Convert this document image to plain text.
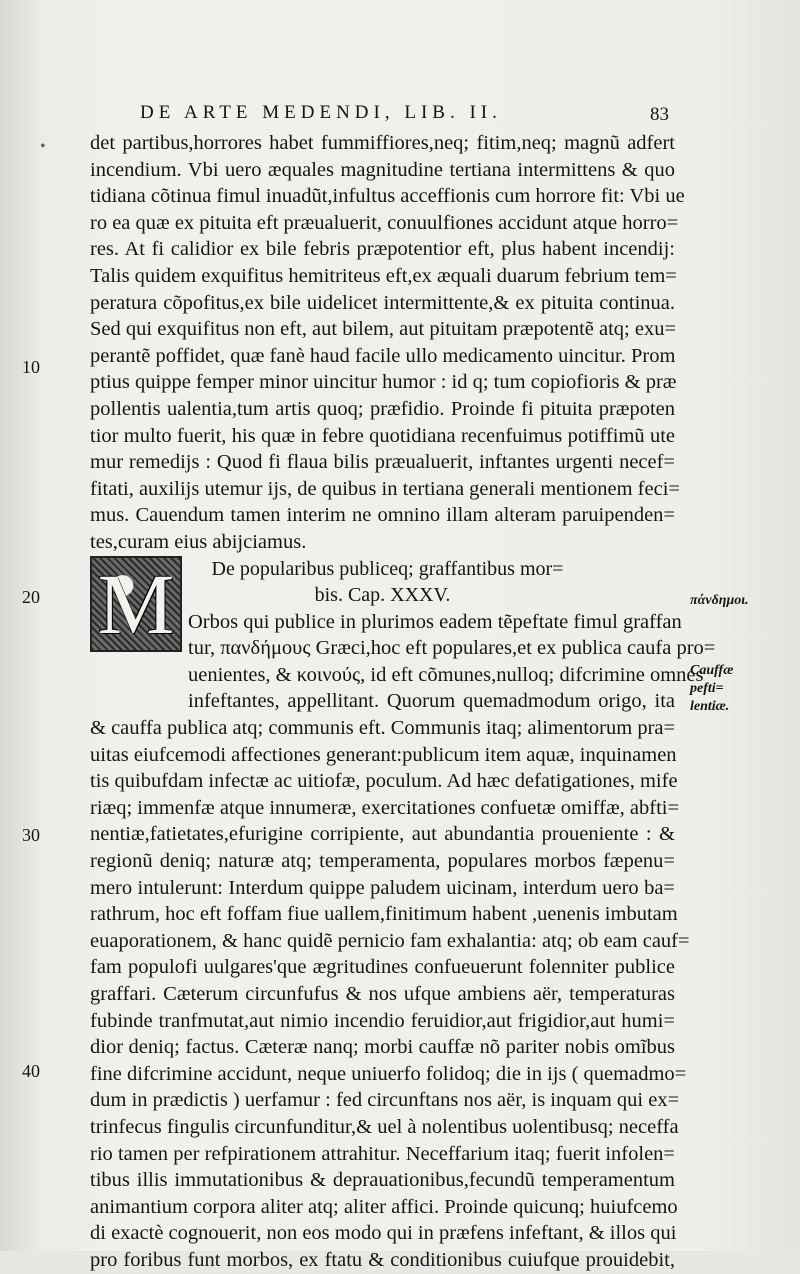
•
DE ARTE MEDENDI, LIB. II.	83
det partibus,horrores habet fummiffiores,neq; fitim,neq; magnũ adfert
incendium. Vbi uero æquales magnitudine tertiana intermittens & quo
tidiana cõtinua fimul inuadũt,infultus acceffionis cum horrore fit: Vbi ue
ro ea quæ ex pituita eft præualuerit, conuulfiones accidunt atque horro=
res. At fi calidior ex bile febris præpotentior eft, plus habent incendij:
Talis quidem exquifitus hemitriteus eft,ex æquali duarum febrium tem=
peratura cõpofitus,ex bile uidelicet intermittente,& ex pituita continua.
Sed qui exquifitus non eft, aut bilem, aut pituitam præpotentẽ atq; exu=
perantẽ poffidet, quæ fanè haud facile ullo medicamento uincitur. Prom
ptius quippe femper minor uincitur humor : id q; tum copiofioris & præ
pollentis ualentia,tum artis quoq; præfidio. Proinde fi pituita præpoten
tior multo fuerit, his quæ in febre quotidiana recenfuimus potiffimũ ute
mur remedijs : Quod fi flaua bilis præualuerit, inftantes urgenti necef=
fitati, auxilijs utemur ijs, de quibus in tertiana generali mentionem feci=
mus. Cauendum tamen interim ne omnino illam alteram paruipenden=
tes,curam eius abijciamus.
De popularibus publiceq; graffantibus mor=
bis. Cap. XXXV.
Orbos qui publice in plurimos eadem tẽpeftate fimul graffan
tur, πανδήμους Græci,hoc eft populares,et ex publica caufa pro=
uenientes, & κοινούς, id eft cõmunes,nulloq; difcrimine omnes
infeftantes, appellitant. Quorum quemadmodum origo, ita
& cauffa publica atq; communis eft. Communis itaq; alimentorum pra=
uitas eiufcemodi affectiones generant:publicum item aquæ, inquinamen
tis quibufdam infectæ ac uitiofæ, poculum. Ad hæc defatigationes, mife
riæq; immenfæ atque innumeræ, exercitationes confuetæ omiffæ, abfti=
nentiæ,fatietates,efurigine corripiente, aut abundantia proueniente : &
regionũ deniq; naturæ atq; temperamenta, populares morbos fæpenu=
mero intulerunt: Interdum quippe paludem uicinam, interdum uero ba=
rathrum, hoc eft foffam fiue uallem,finitimum habent ,uenenis imbutam
euaporationem, & hanc quidẽ pernicio fam exhalantia: atq; ob eam cauf=
fam populofi uulgares'que ægritudines confueuerunt folenniter publice
graffari. Cæterum circunfufus & nos ufque ambiens aër, temperaturas
fubinde tranfmutat,aut nimio incendio feruidior,aut frigidior,aut humi=
dior deniq; factus. Cæteræ nanq; morbi cauffæ nõ pariter nobis omĩbus
fine difcrimine accidunt, neque uniuerfo folidoq; die in ijs ( quemadmo=
dum in prædictis ) uerfamur : fed circunftans nos aër, is inquam qui ex=
trinfecus fingulis circunfunditur,& uel à nolentibus uolentibusq; neceffa
rio tamen per refpirationem attrahitur. Neceffarium itaq; fuerit infolen=
tibus illis immutationibus & deprauationibus,fecundũ temperamentum
animantium corpora aliter atq; aliter affici. Proinde quicunq; huiufcemo
di exactè cognouerit, non eos modo qui in præfens infeftant, & illos qui
pro foribus funt morbos, ex ftatu & conditionibus cuiufque prouidebit,
M
10
20
30
40
πάνδημοι.
Cauffæ pefti= lentiæ.
